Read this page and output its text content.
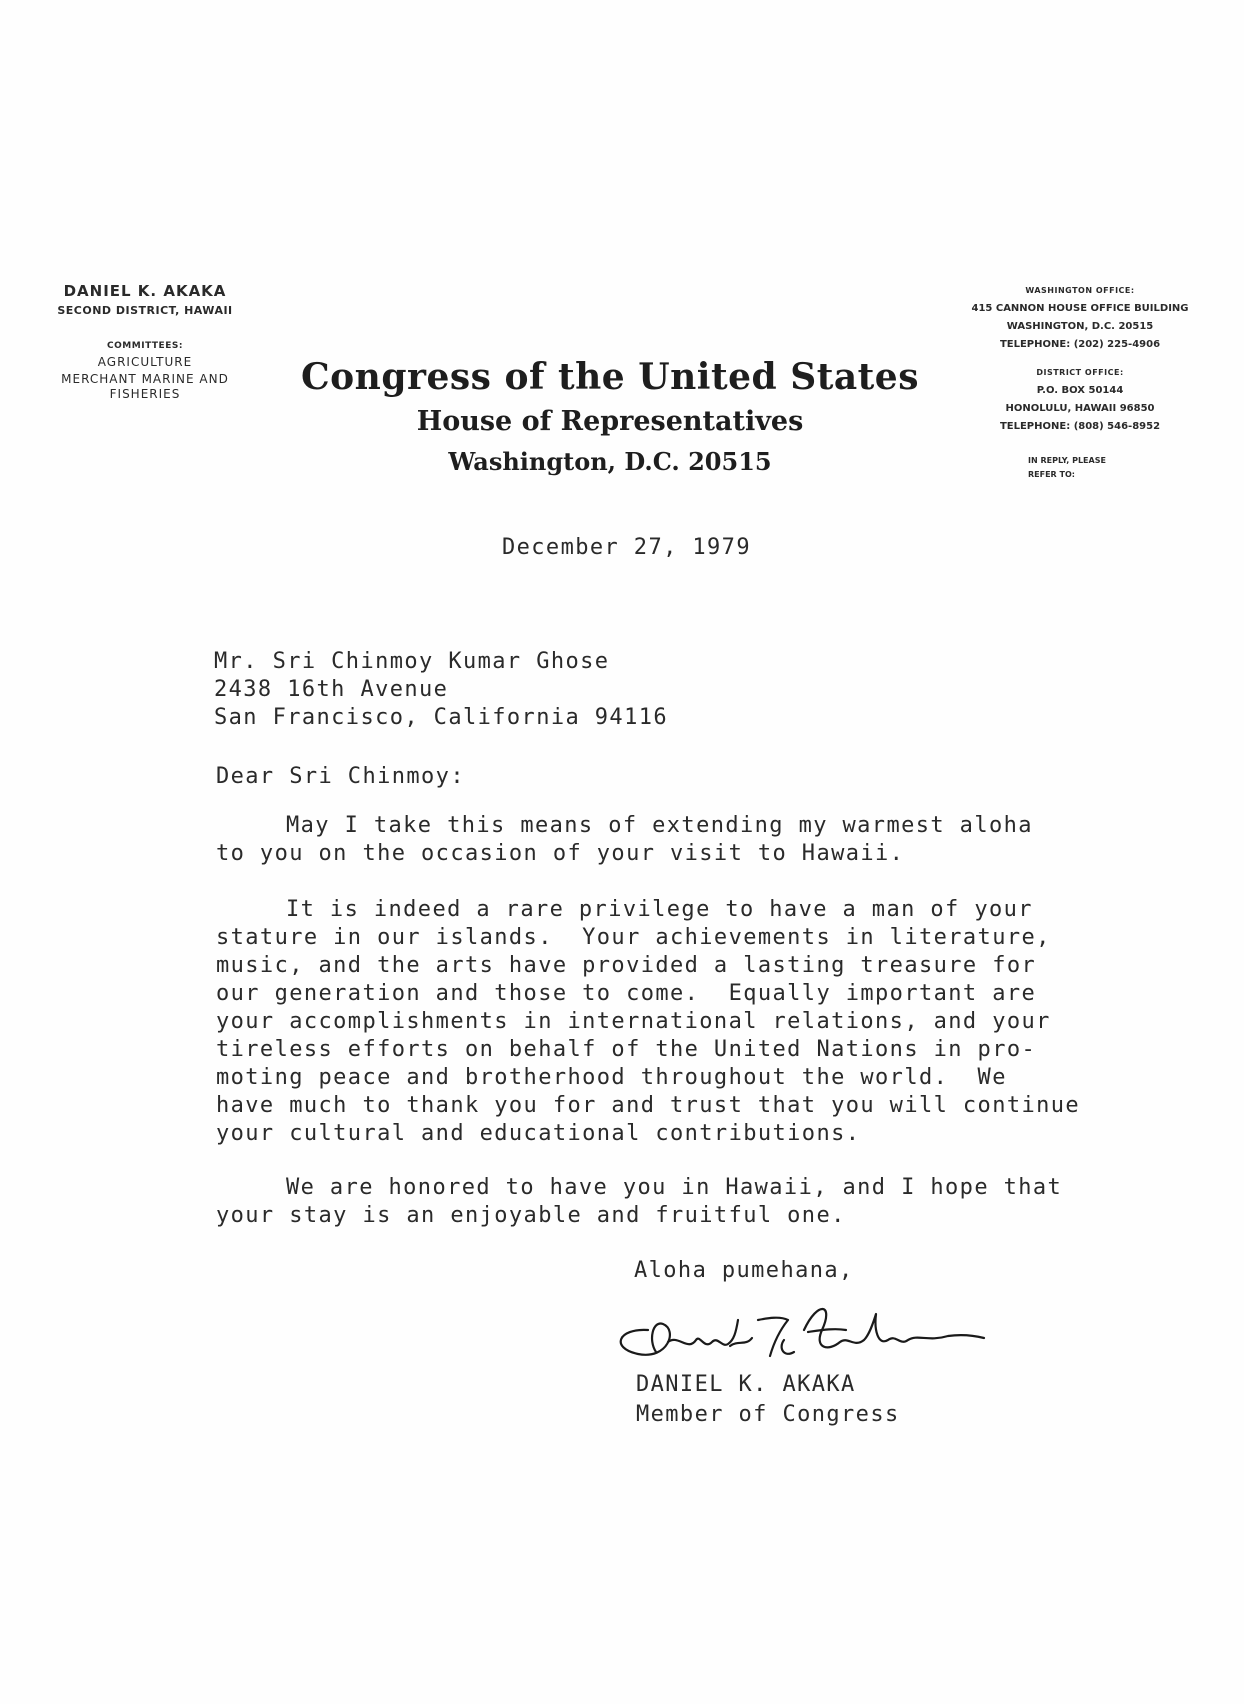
DANIEL K. AKAKA
SECOND DISTRICT, HAWAII
COMMITTEES:
AGRICULTURE
MERCHANT MARINE AND
FISHERIES	Congress of the United States
House of Representatives
Washington, D.C. 20515
WASHINGTON OFFICE:
415 CANNON HOUSE OFFICE BUILDING
WASHINGTON, D.C. 20515
TELEPHONE: (202) 225-4906
DISTRICT OFFICE:
P.O. BOX 50144
HONOLULU, HAWAII 96850
TELEPHONE: (808) 546-8952
IN REPLY, PLEASE
REFER TO:
December 27, 1979
Mr. Sri Chinmoy Kumar Ghose
2438 16th Avenue
San Francisco, California 94116
Dear Sri Chinmoy:
May I take this means of extending my warmest aloha
to you on the occasion of your visit to Hawaii.
It is indeed a rare privilege to have a man of your
stature in our islands.  Your achievements in literature,
music, and the arts have provided a lasting treasure for
our generation and those to come.  Equally important are
your accomplishments in international relations, and your
tireless efforts on behalf of the United Nations in pro-
moting peace and brotherhood throughout the world.  We
have much to thank you for and trust that you will continue
your cultural and educational contributions.
We are honored to have you in Hawaii, and I hope that
your stay is an enjoyable and fruitful one.
Aloha pumehana,
DANIEL K. AKAKA
Member of Congress
